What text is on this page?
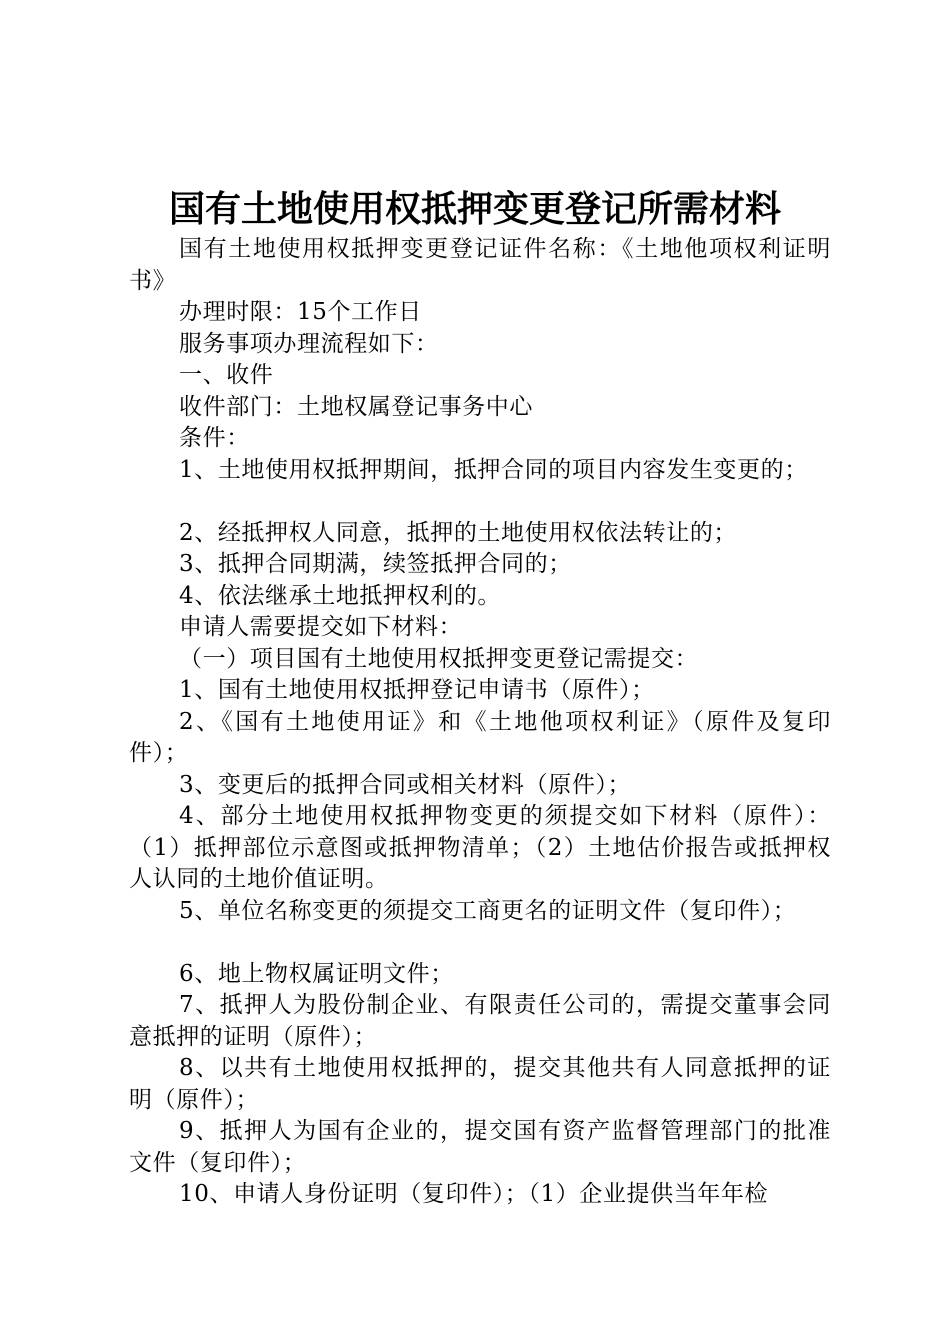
国有土地使用权抵押变更登记所需材料

国有土地使用权抵押变更登记证件名称：《土地他项权利证明书》

办理时限：15个工作日

服务事项办理流程如下：

一、收件

收件部门：土地权属登记事务中心

条件：

1、土地使用权抵押期间，抵押合同的项目内容发生变更的；

2、经抵押权人同意，抵押的土地使用权依法转让的；

3、抵押合同期满，续签抵押合同的；

4、依法继承土地抵押权利的。

申请人需要提交如下材料：

（一）项目国有土地使用权抵押变更登记需提交：

1、国有土地使用权抵押登记申请书（原件）；

2、《国有土地使用证》和《土地他项权利证》（原件及复印件）；

3、变更后的抵押合同或相关材料（原件）；

4、部分土地使用权抵押物变更的须提交如下材料（原件）：（1）抵押部位示意图或抵押物清单；（2）土地估价报告或抵押权人认同的土地价值证明。

5、单位名称变更的须提交工商更名的证明文件（复印件）；

6、地上物权属证明文件；

7、抵押人为股份制企业、有限责任公司的，需提交董事会同意抵押的证明（原件）；

8、以共有土地使用权抵押的，提交其他共有人同意抵押的证明（原件）；

9、抵押人为国有企业的，提交国有资产监督管理部门的批准文件（复印件）；

10、申请人身份证明（复印件）；（1）企业提供当年年检
